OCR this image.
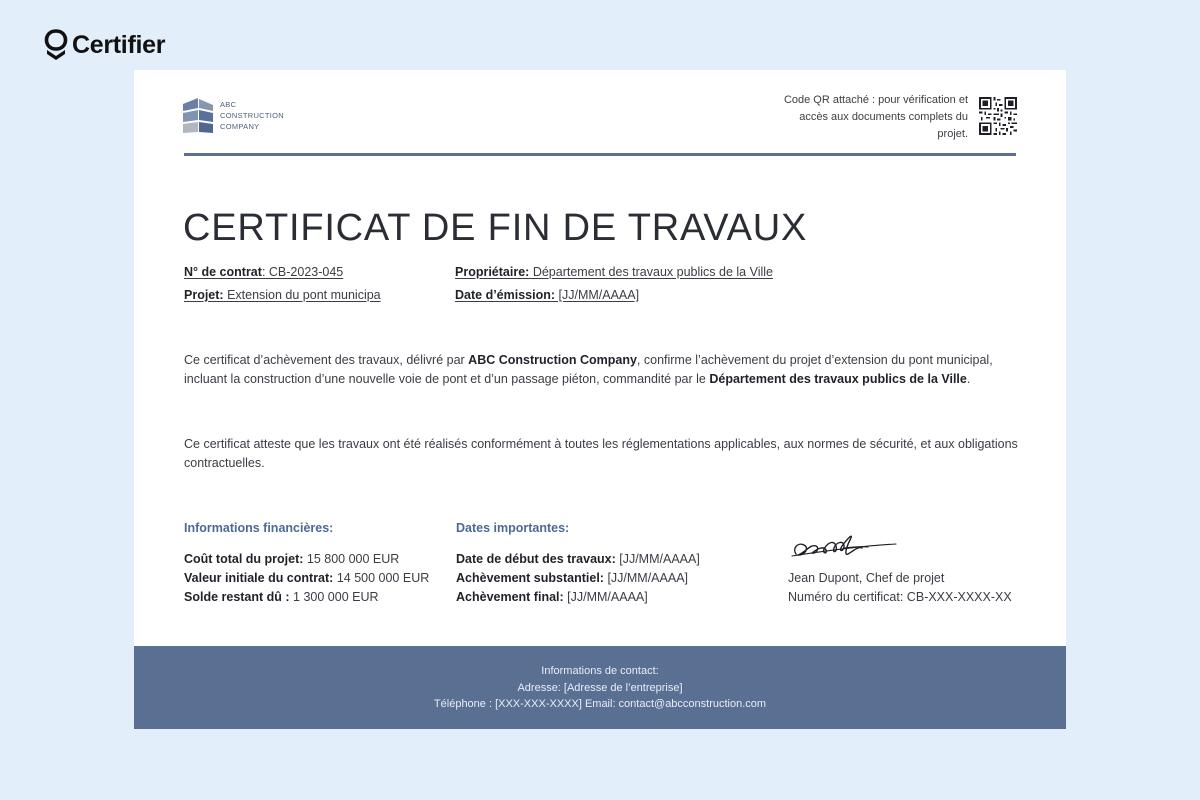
Certifier
ABC
CONSTRUCTION
COMPANY
Code QR attaché : pour vérification et
accès aux documents complets du
projet.
CERTIFICAT DE FIN DE TRAVAUX
N° de contrat: CB-2023-045
Projet: Extension du pont municipa
Propriétaire: Département des travaux publics de la Ville
Date d’émission: [JJ/MM/AAAA]

Ce certificat d’achèvement des travaux, délivré par ABC Construction Company, confirme l’achèvement du projet d’extension du pont municipal, incluant la construction d’une nouvelle voie de pont et d’un passage piéton, commandité par le Département des travaux publics de la Ville.

Ce certificat atteste que les travaux ont été réalisés conformément à toutes les réglementations applicables, aux normes de sécurité, et aux obligations contractuelles.

Informations financières:
Coût total du projet: 15 800 000 EUR
Valeur initiale du contrat: 14 500 000 EUR
Solde restant dû : 1 300 000 EUR
Dates importantes:
Date de début des travaux: [JJ/MM/AAAA]
Achèvement substantiel: [JJ/MM/AAAA]
Achèvement final: [JJ/MM/AAAA]
Jean Dupont, Chef de projet
Numéro du certificat: CB-XXX-XXXX-XX
Informations de contact:
Adresse: [Adresse de l’entreprise]
Téléphone : [XXX-XXX-XXXX] Email: contact@abcconstruction.com
